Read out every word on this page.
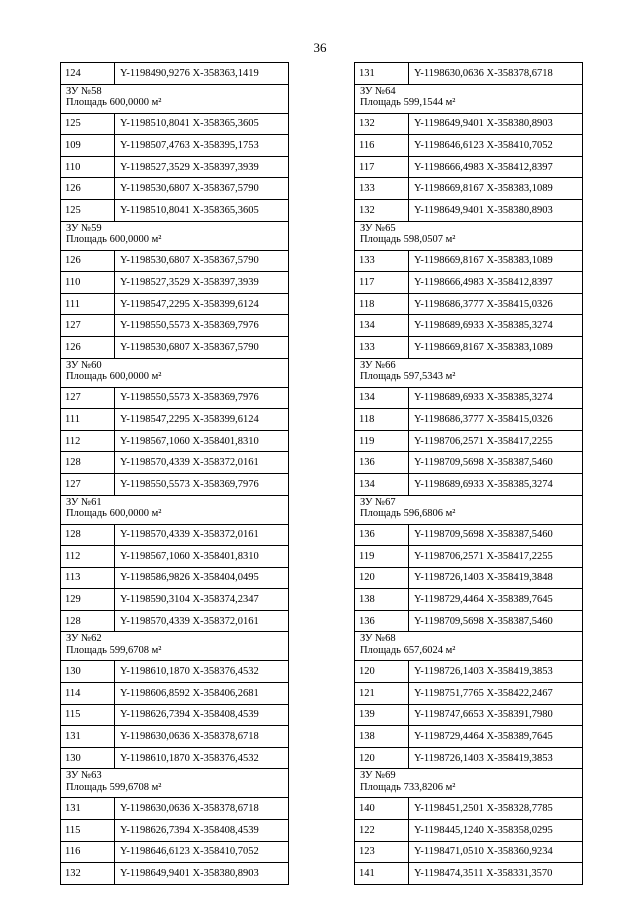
36
124	Y-1198490,9276 X-358363,1419

ЗУ №58
Площадь 600,0000 м²	

125	Y-1198510,8041 X-358365,3605
109	Y-1198507,4763 X-358395,1753
110	Y-1198527,3529 X-358397,3939
126	Y-1198530,6807 X-358367,5790
125	Y-1198510,8041 X-358365,3605

ЗУ №59
Площадь 600,0000 м²	

126	Y-1198530,6807 X-358367,5790
110	Y-1198527,3529 X-358397,3939
111	Y-1198547,2295 X-358399,6124
127	Y-1198550,5573 X-358369,7976
126	Y-1198530,6807 X-358367,5790

ЗУ №60
Площадь 600,0000 м²	

127	Y-1198550,5573 X-358369,7976
111	Y-1198547,2295 X-358399,6124
112	Y-1198567,1060 X-358401,8310
128	Y-1198570,4339 X-358372,0161
127	Y-1198550,5573 X-358369,7976

ЗУ №61
Площадь 600,0000 м²	

128	Y-1198570,4339 X-358372,0161
112	Y-1198567,1060 X-358401,8310
113	Y-1198586,9826 X-358404,0495
129	Y-1198590,3104 X-358374,2347
128	Y-1198570,4339 X-358372,0161

ЗУ №62
Площадь 599,6708 м²	

130	Y-1198610,1870 X-358376,4532
114	Y-1198606,8592 X-358406,2681
115	Y-1198626,7394 X-358408,4539
131	Y-1198630,0636 X-358378,6718
130	Y-1198610,1870 X-358376,4532

ЗУ №63
Площадь 599,6708 м²	

131	Y-1198630,0636 X-358378,6718
115	Y-1198626,7394 X-358408,4539
116	Y-1198646,6123 X-358410,7052
132	Y-1198649,9401 X-358380,8903
131	Y-1198630,0636 X-358378,6718

ЗУ №64
Площадь 599,1544 м²	

132	Y-1198649,9401 X-358380,8903
116	Y-1198646,6123 X-358410,7052
117	Y-1198666,4983 X-358412,8397
133	Y-1198669,8167 X-358383,1089
132	Y-1198649,9401 X-358380,8903

ЗУ №65
Площадь 598,0507 м²	

133	Y-1198669,8167 X-358383,1089
117	Y-1198666,4983 X-358412,8397
118	Y-1198686,3777 X-358415,0326
134	Y-1198689,6933 X-358385,3274
133	Y-1198669,8167 X-358383,1089

ЗУ №66
Площадь 597,5343 м²	

134	Y-1198689,6933 X-358385,3274
118	Y-1198686,3777 X-358415,0326
119	Y-1198706,2571 X-358417,2255
136	Y-1198709,5698 X-358387,5460
134	Y-1198689,6933 X-358385,3274

ЗУ №67
Площадь 596,6806 м²	

136	Y-1198709,5698 X-358387,5460
119	Y-1198706,2571 X-358417,2255
120	Y-1198726,1403 X-358419,3848
138	Y-1198729,4464 X-358389,7645
136	Y-1198709,5698 X-358387,5460

ЗУ №68
Площадь 657,6024 м²	

120	Y-1198726,1403 X-358419,3853
121	Y-1198751,7765 X-358422,2467
139	Y-1198747,6653 X-358391,7980
138	Y-1198729,4464 X-358389,7645
120	Y-1198726,1403 X-358419,3853

ЗУ №69
Площадь 733,8206 м²	

140	Y-1198451,2501 X-358328,7785
122	Y-1198445,1240 X-358358,0295
123	Y-1198471,0510 X-358360,9234
141	Y-1198474,3511 X-358331,3570
